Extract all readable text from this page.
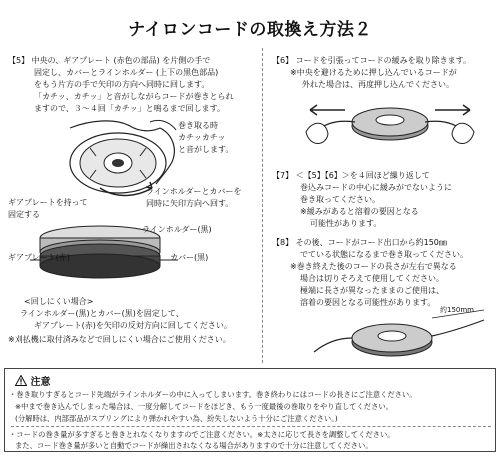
ナイロンコードの取換え方法２
【5】 中央の、ギアプレート (赤色の部品) を片側の手で
固定し、カバーとラインホルダー (上下の黒色部品)
をもう片方の手で矢印の方向へ同時に回します。
「カチッ、カチッ」と音がしながらコードが巻きとられ
ますので、３～４回「カチッ」と鳴るまで回します。
巻き取る時
カチッカチッ
と音がします。
ラインホルダーとカバーを
同時に矢印方向へ回す。
ギアプレートを持って
固定する
ラインホルダー(黒)
ギアプレート(赤)	カバー(黒)
<回しにくい場合>
ラインホルダー(黒)とカバー(黒)を固定して、
ギアプレート(赤)を矢印の反対方向に回してください。
※刈払機に取付済みなどで回しにくい場合にご使用ください。
【6】 コードを引張ってコードの緩みを取り除きます。
※中央を避けるために押し込んでいるコードが
外れた場合は、再度押し込んでください。
【7】 ＜【5】【6】＞を４回ほど繰り返して
巻込みコードの中心に緩みがでないように
巻き取ってください。
※緩みがあると溶着の要因となる
可能性があります。
【8】 その後、コードがコード出口から約150㎜
でている状態になるまで巻き取ってください。
※巻き終えた後のコードの長さが左右で異なる
場合は切りそろえて使用してください。
極端に長さが異なったままのご使用は、
溶着の要因となる可能性があります。
約150mm
注意
・巻き取りすぎるとコード先端がラインホルダーの中に入ってしまいます。巻き終わりにはコードの長さにご注意ください。
※中まで巻き込んでしまった場合は、一度分解してコードをほどき、もう一度最後の巻取りをやり直してください。
(分解時は、内部部品がスプリングにより弾かれやすい為、紛失しないよう十分にご注意ください。)
・コードの巻き量が多すぎると巻きとれなくなりますのでご注意ください。※太さに応じて長さを調整してください。
また、コード巻き量が多いと自動でコードが繰出されなくなる場合がありますので十分に注意してください。
